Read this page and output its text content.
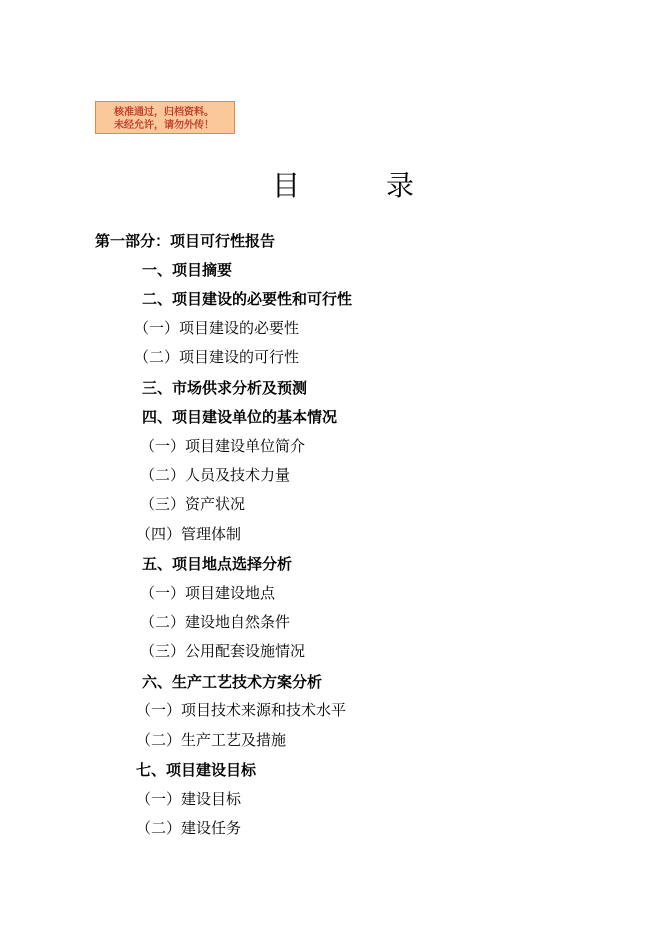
核准通过，归档资料。
未经允许，请勿外传！
目	录
第一部分：项目可行性报告
一、项目摘要
二、项目建设的必要性和可行性
（一）项目建设的必要性
（二）项目建设的可行性
三、市场供求分析及预测
四、项目建设单位的基本情况
（一）项目建设单位简介
（二）人员及技术力量
（三）资产状况
（四）管理体制
五、项目地点选择分析
（一）项目建设地点
（二）建设地自然条件
（三）公用配套设施情况
六、生产工艺技术方案分析
（一）项目技术来源和技术水平
（二）生产工艺及措施
七、项目建设目标
（一）建设目标
（二）建设任务
